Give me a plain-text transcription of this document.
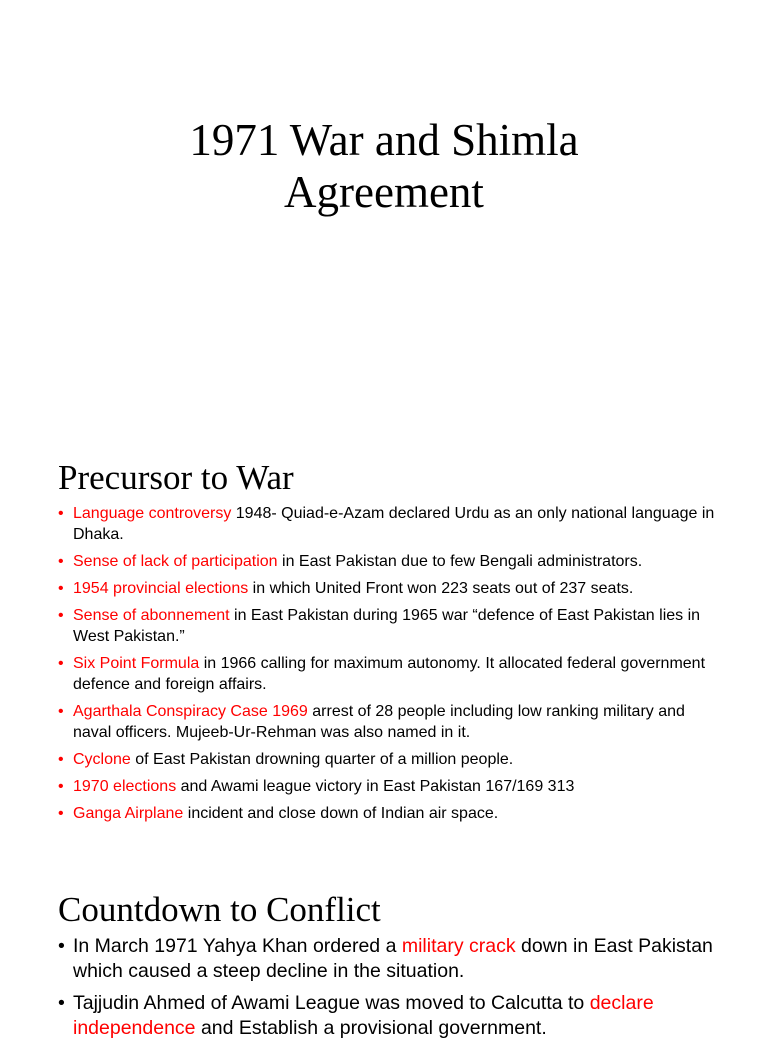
1971 War and Shimla
Agreement
Precursor to War
• Language controversy 1948- Quiad-e-Azam declared Urdu as an only national language in Dhaka.
• Sense of lack of participation in East Pakistan due to few Bengali administrators.
• 1954 provincial elections in which United Front won 223 seats out of 237 seats.
• Sense of abonnement in East Pakistan during 1965 war “defence of East Pakistan lies in West Pakistan.”
• Six Point Formula in 1966 calling for maximum autonomy. It allocated federal government defence and foreign affairs.
• Agarthala Conspiracy Case 1969 arrest of 28 people including low ranking military and naval officers. Mujeeb-Ur-Rehman was also named in it.
• Cyclone of East Pakistan drowning quarter of a million people.
• 1970 elections and Awami league victory in East Pakistan 167/169 313
• Ganga Airplane incident and close down of Indian air space.
Countdown to Conflict
• In March 1971 Yahya Khan ordered a military crack down in East Pakistan which caused a steep decline in the situation.
• Tajjudin Ahmed of Awami League was moved to Calcutta to declare independence and Establish a provisional government.
